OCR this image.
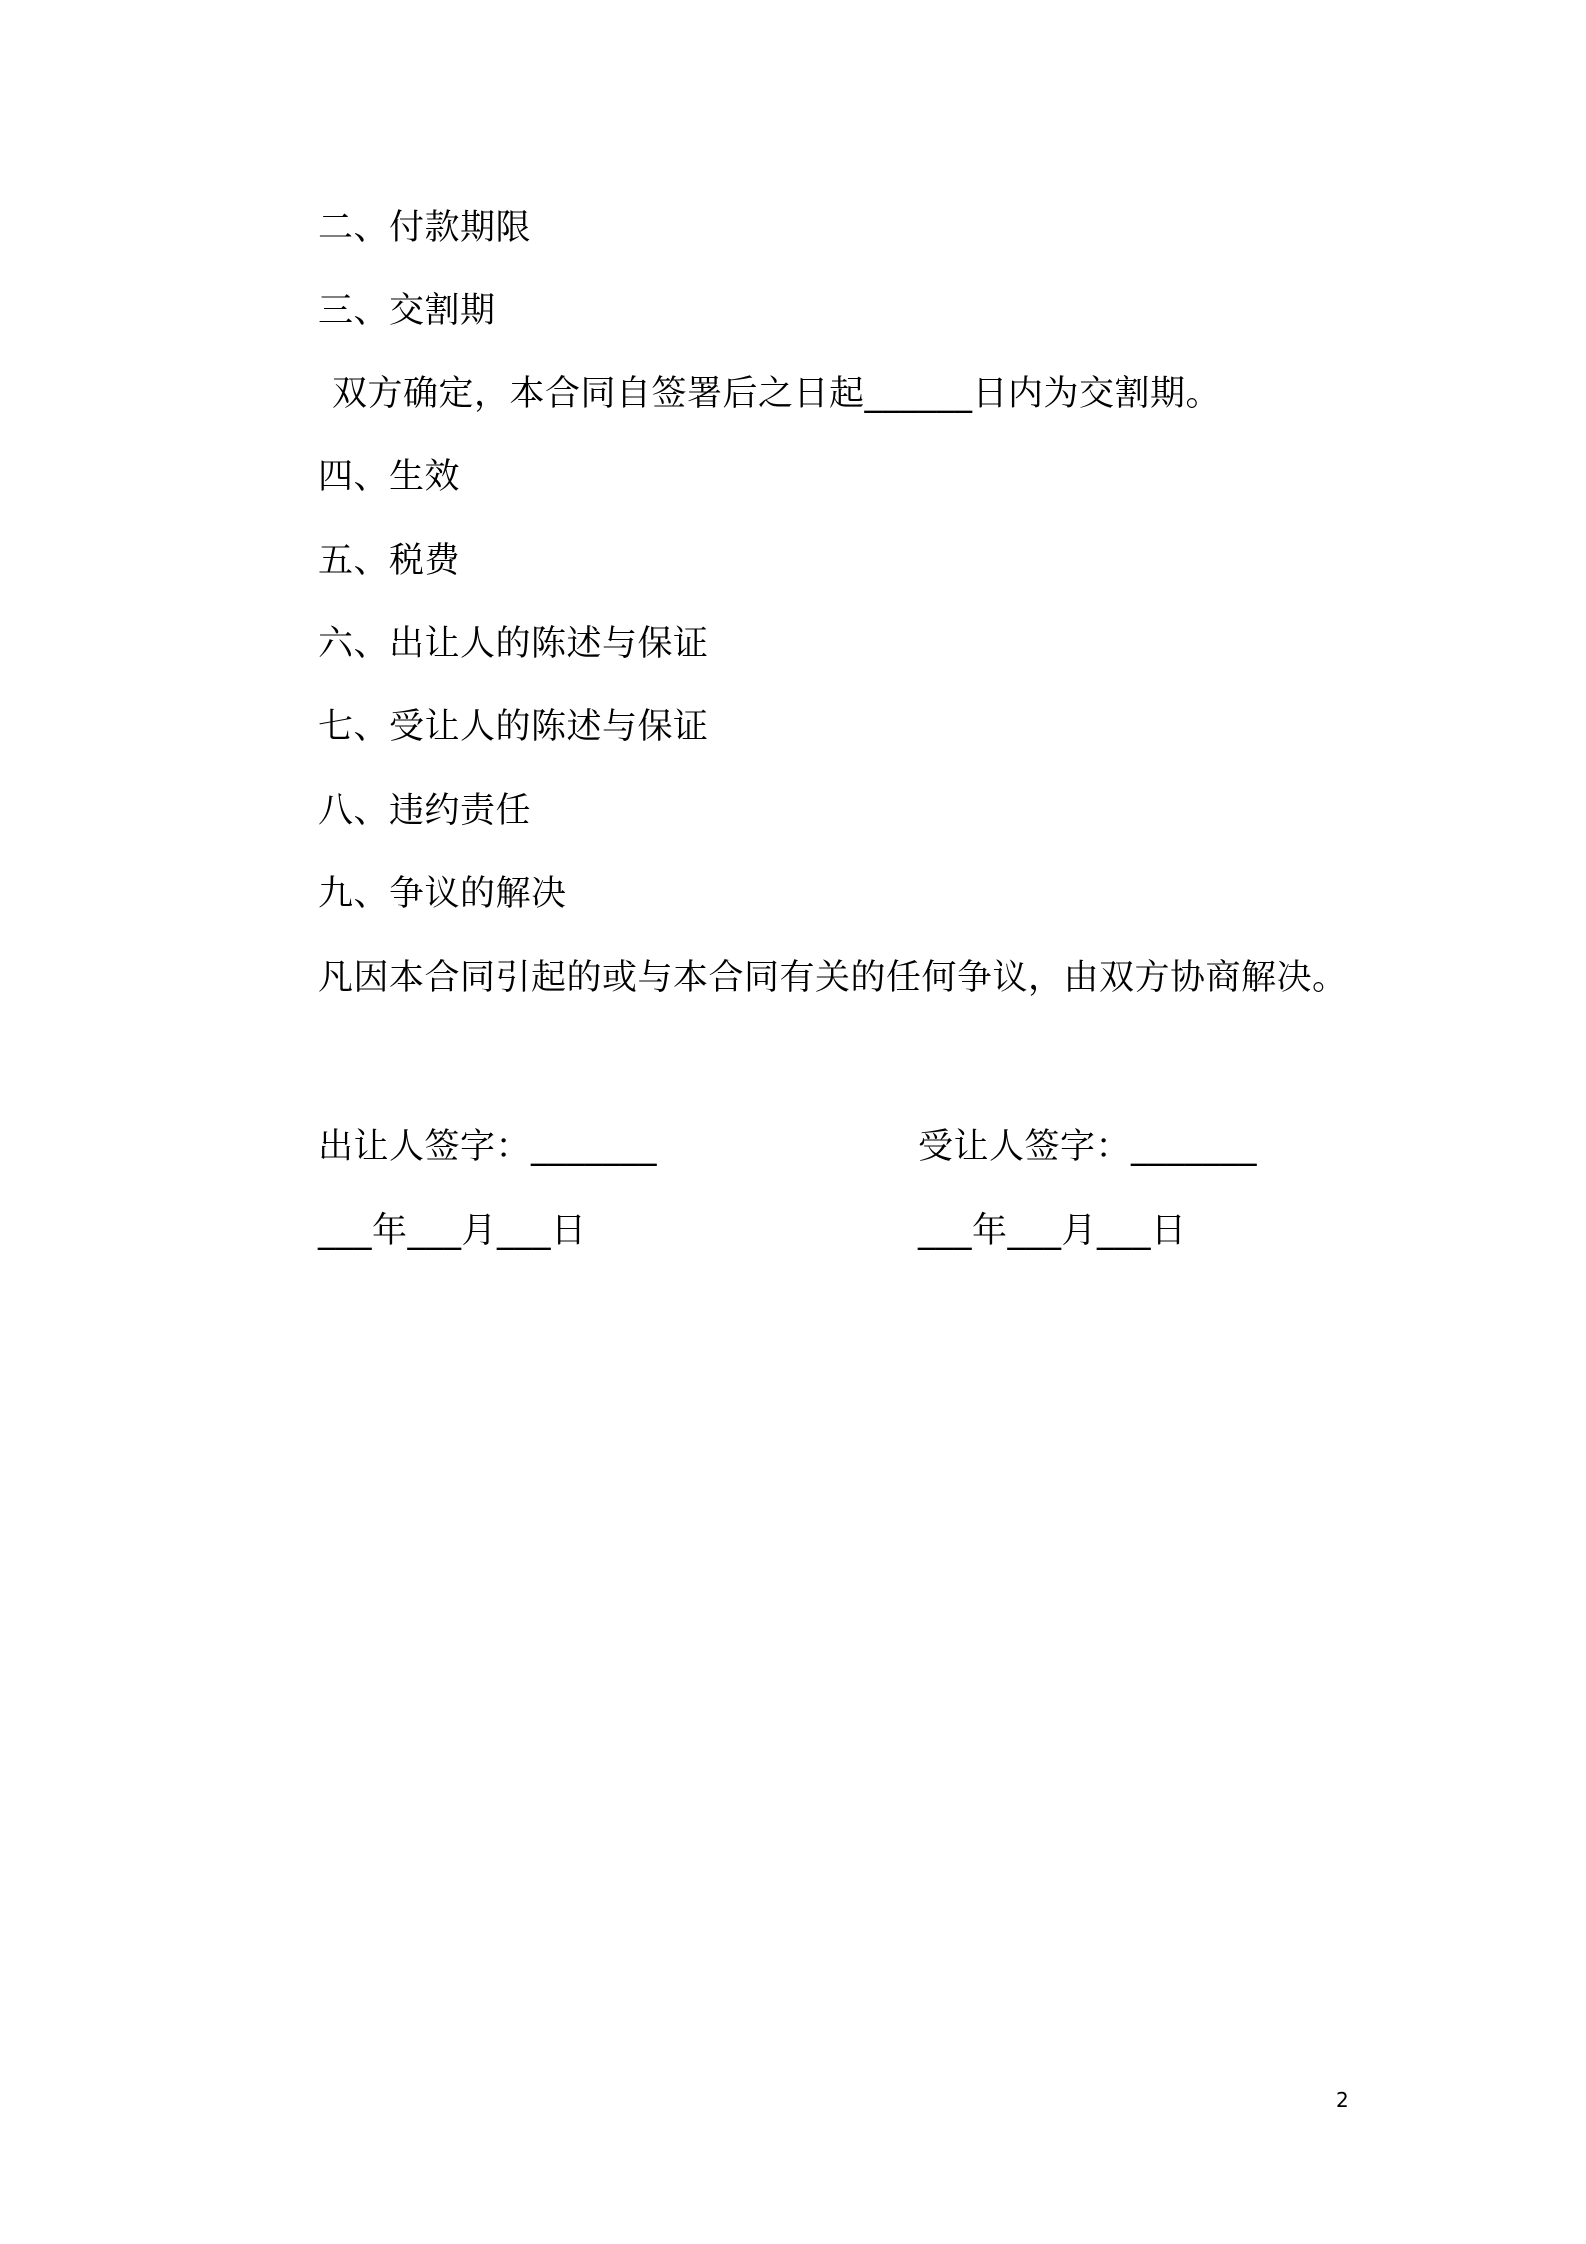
二、付款期限
三、交割期
双方确定，本合同自签署后之日起______日内为交割期。
四、生效
五、税费
六、出让人的陈述与保证
七、受让人的陈述与保证
八、违约责任
九、争议的解决
凡因本合同引起的或与本合同有关的任何争议，由双方协商解决。
出让人签字：_______	受让人签字：_______
___年___月___日	___年___月___日
2
